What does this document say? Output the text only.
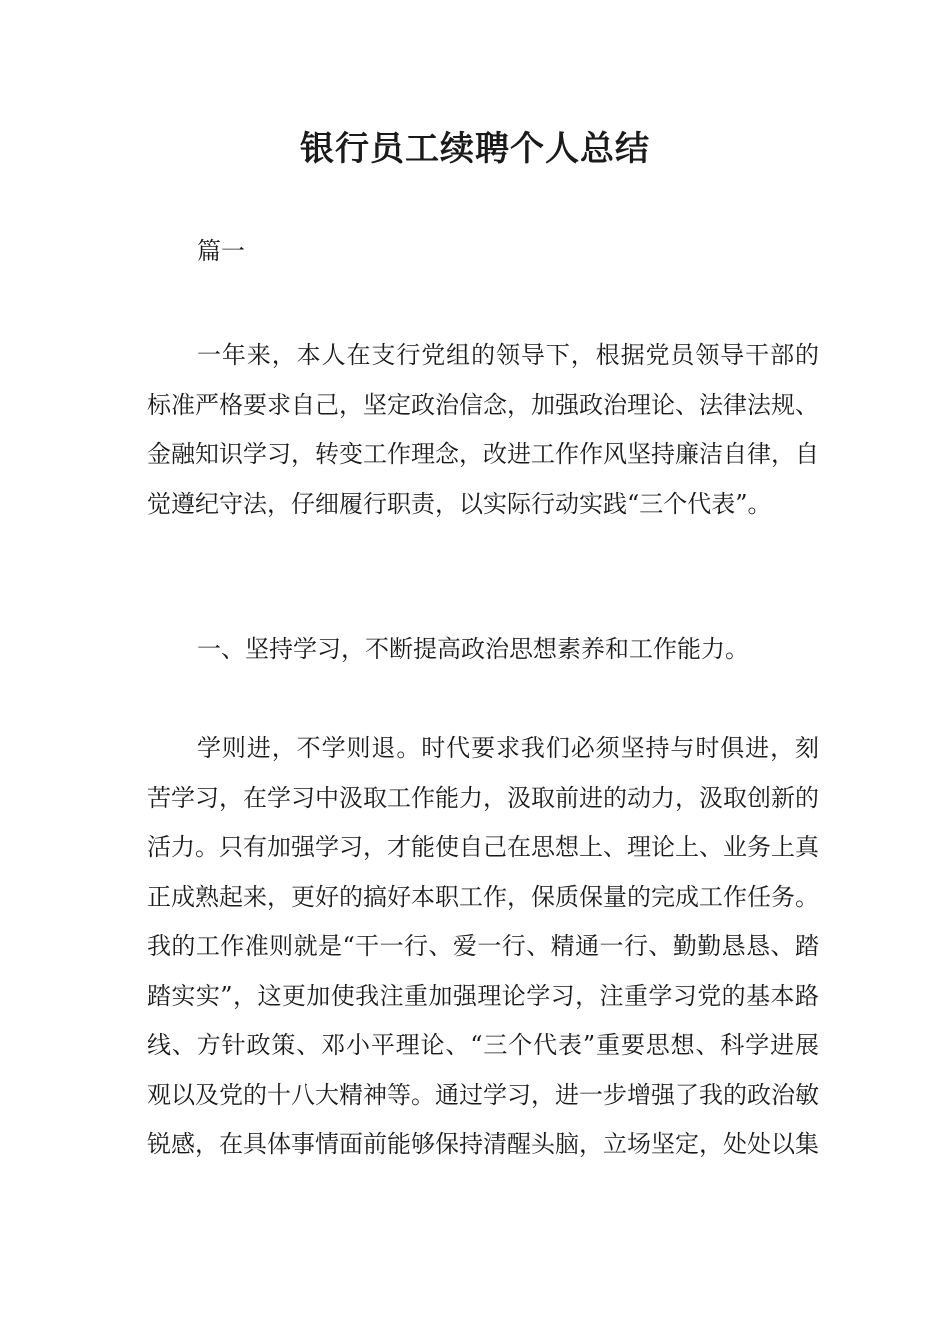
银行员工续聘个人总结

篇一

一年来，本人在支行党组的领导下，根据党员领导干部的标准严格要求自己，坚定政治信念，加强政治理论、法律法规、金融知识学习，转变工作理念，改进工作作风坚持廉洁自律，自觉遵纪守法，仔细履行职责，以实际行动实践“三个代表”。

一、坚持学习，不断提高政治思想素养和工作能力。

学则进，不学则退。时代要求我们必须坚持与时俱进，刻苦学习，在学习中汲取工作能力，汲取前进的动力，汲取创新的活力。只有加强学习，才能使自己在思想上、理论上、业务上真正成熟起来，更好的搞好本职工作，保质保量的完成工作任务。我的工作准则就是“干一行、爱一行、精通一行、勤勤恳恳、踏踏实实”，这更加使我注重加强理论学习，注重学习党的基本路线、方针政策、邓小平理论、“三个代表”重要思想、科学进展观以及党的十八大精神等。通过学习，进一步增强了我的政治敏锐感，在具体事情面前能够保持清醒头脑，立场坚定，处处以集
